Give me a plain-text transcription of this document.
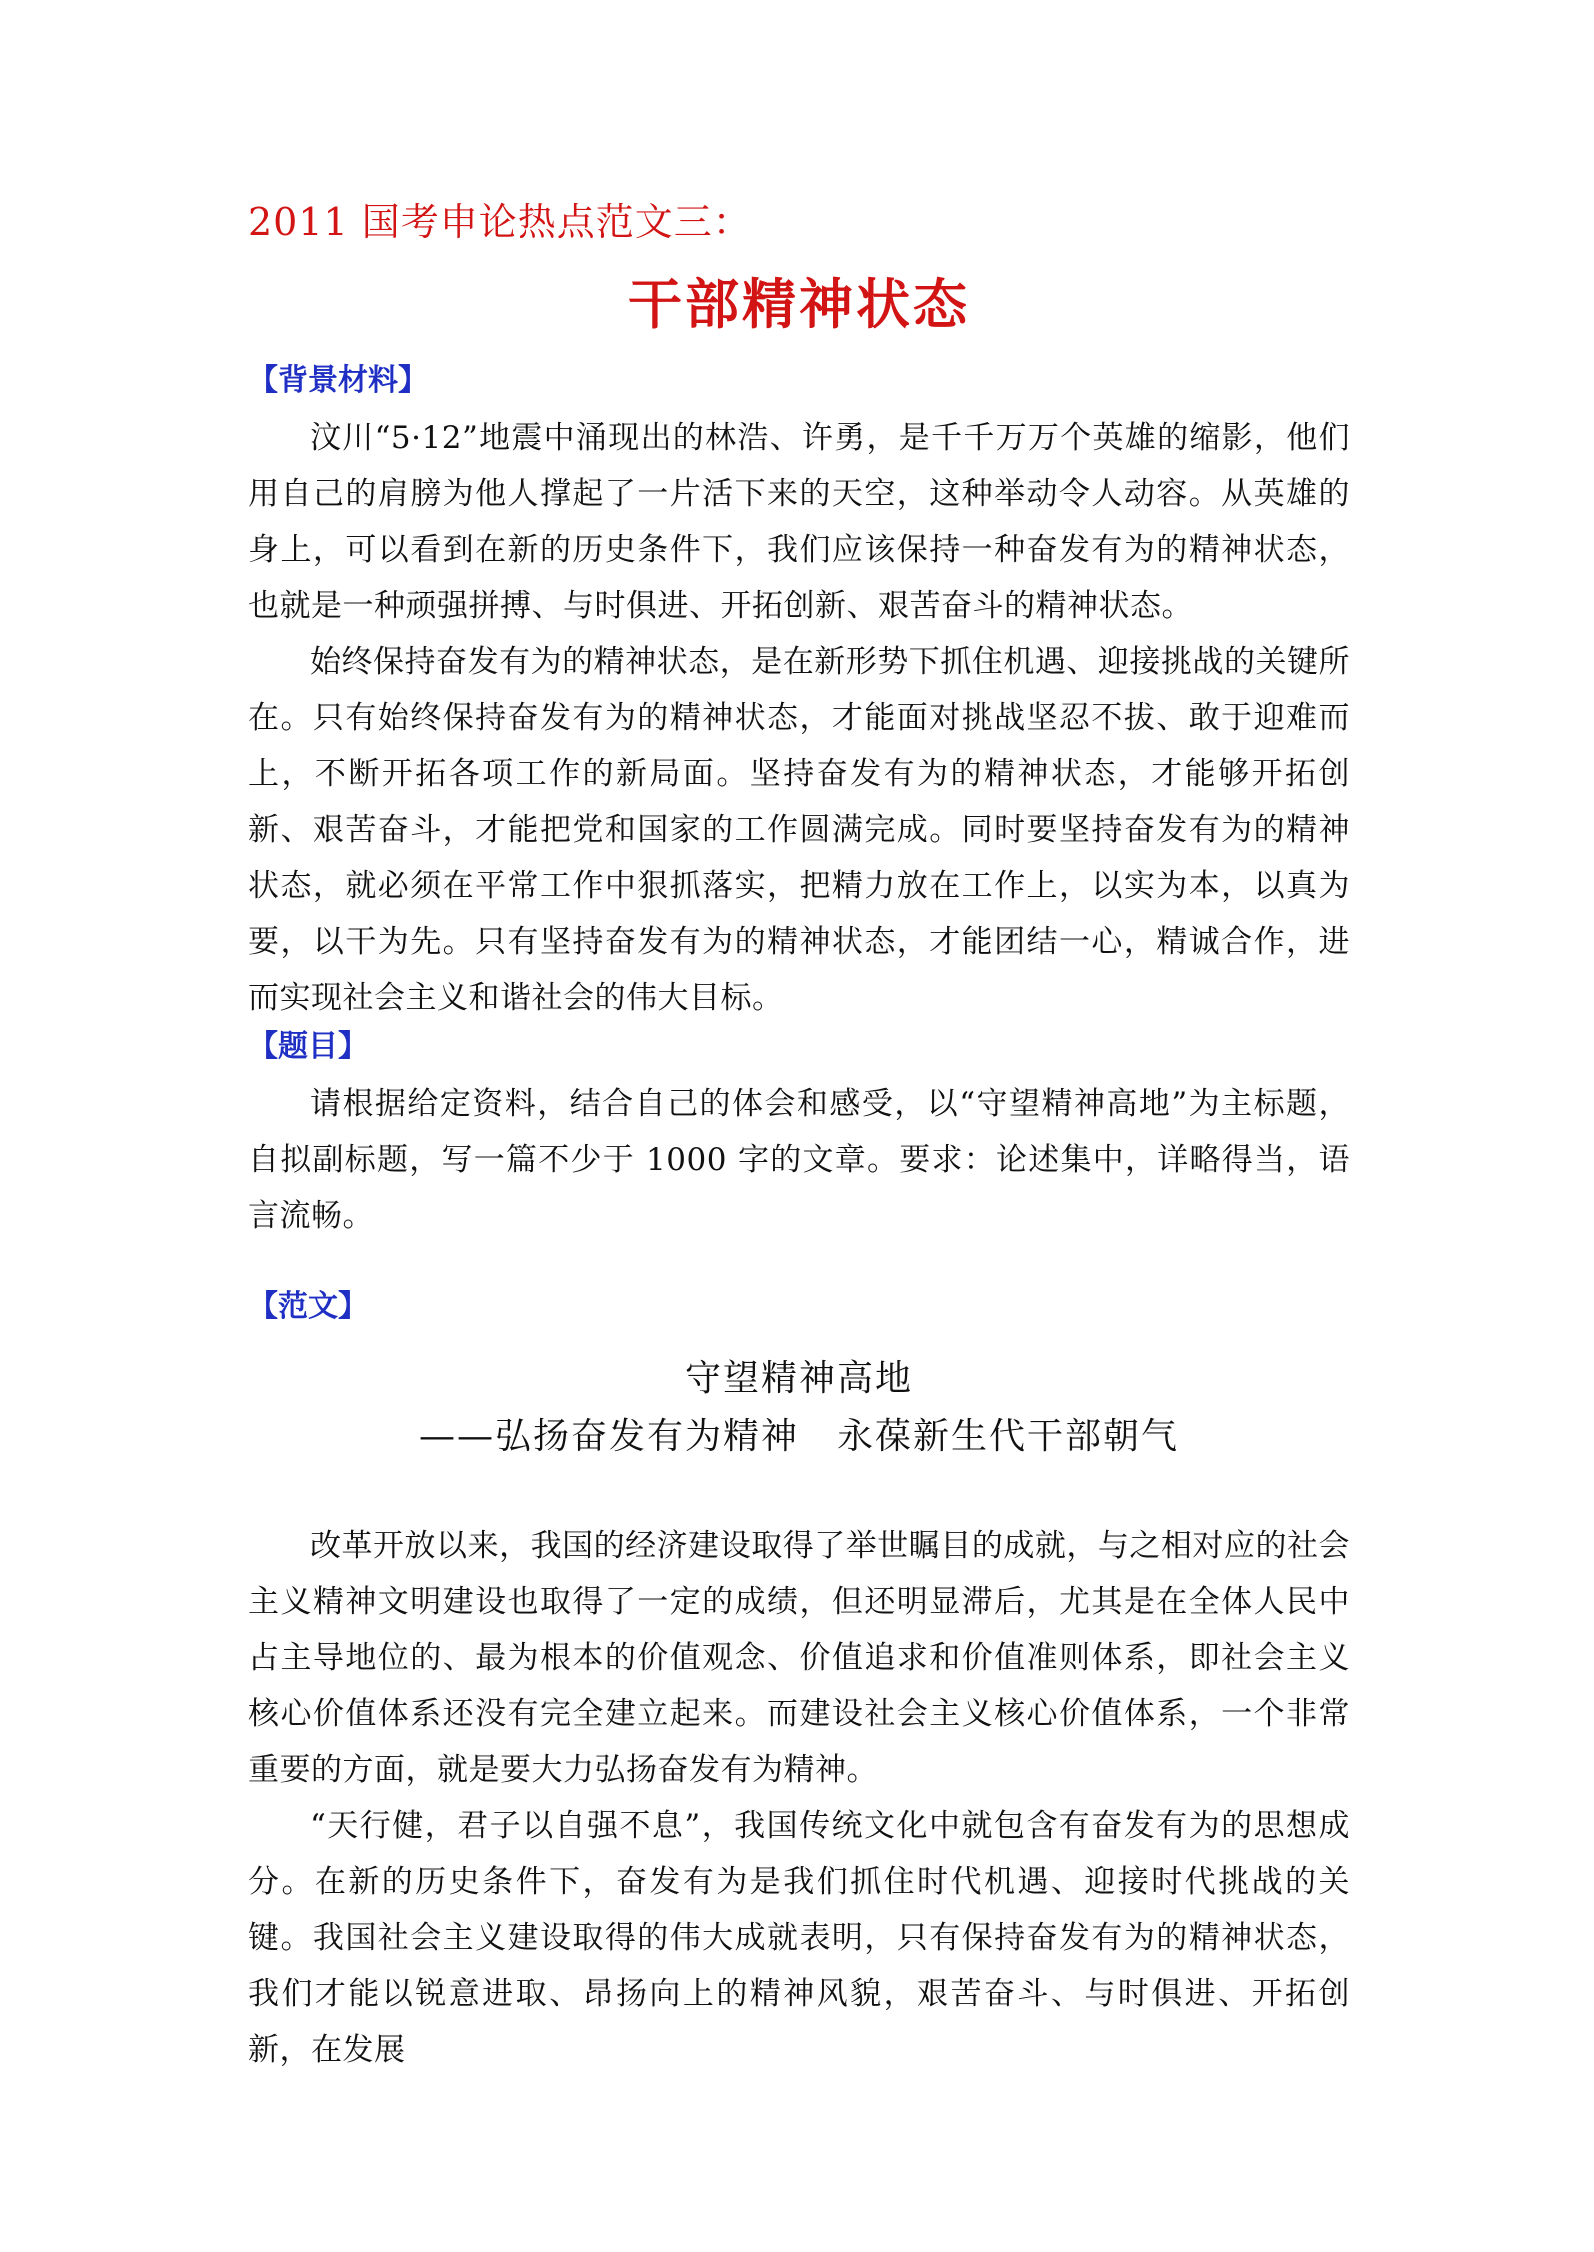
2011 国考申论热点范文三：
干部精神状态
【背景材料】

汶川“5·12”地震中涌现出的林浩、许勇，是千千万万个英雄的缩影，他们用自己的肩膀为他人撑起了一片活下来的天空，这种举动令人动容。从英雄的身上，可以看到在新的历史条件下，我们应该保持一种奋发有为的精神状态，也就是一种顽强拼搏、与时俱进、开拓创新、艰苦奋斗的精神状态。

始终保持奋发有为的精神状态，是在新形势下抓住机遇、迎接挑战的关键所在。只有始终保持奋发有为的精神状态，才能面对挑战坚忍不拔、敢于迎难而上，不断开拓各项工作的新局面。坚持奋发有为的精神状态，才能够开拓创新、艰苦奋斗，才能把党和国家的工作圆满完成。同时要坚持奋发有为的精神状态，就必须在平常工作中狠抓落实，把精力放在工作上，以实为本，以真为要，以干为先。只有坚持奋发有为的精神状态，才能团结一心，精诚合作，进而实现社会主义和谐社会的伟大目标。

【题目】

请根据给定资料，结合自己的体会和感受，以“守望精神高地”为主标题，自拟副标题，写一篇不少于 1000 字的文章。要求：论述集中，详略得当，语言流畅。

【范文】
守望精神高地
——弘扬奋发有为精神　永葆新生代干部朝气

改革开放以来，我国的经济建设取得了举世瞩目的成就，与之相对应的社会主义精神文明建设也取得了一定的成绩，但还明显滞后，尤其是在全体人民中占主导地位的、最为根本的价值观念、价值追求和价值准则体系，即社会主义核心价值体系还没有完全建立起来。而建设社会主义核心价值体系，一个非常重要的方面，就是要大力弘扬奋发有为精神。

“天行健，君子以自强不息”，我国传统文化中就包含有奋发有为的思想成分。在新的历史条件下，奋发有为是我们抓住时代机遇、迎接时代挑战的关键。我国社会主义建设取得的伟大成就表明，只有保持奋发有为的精神状态，我们才能以锐意进取、昂扬向上的精神风貌，艰苦奋斗、与时俱进、开拓创新，在发展
